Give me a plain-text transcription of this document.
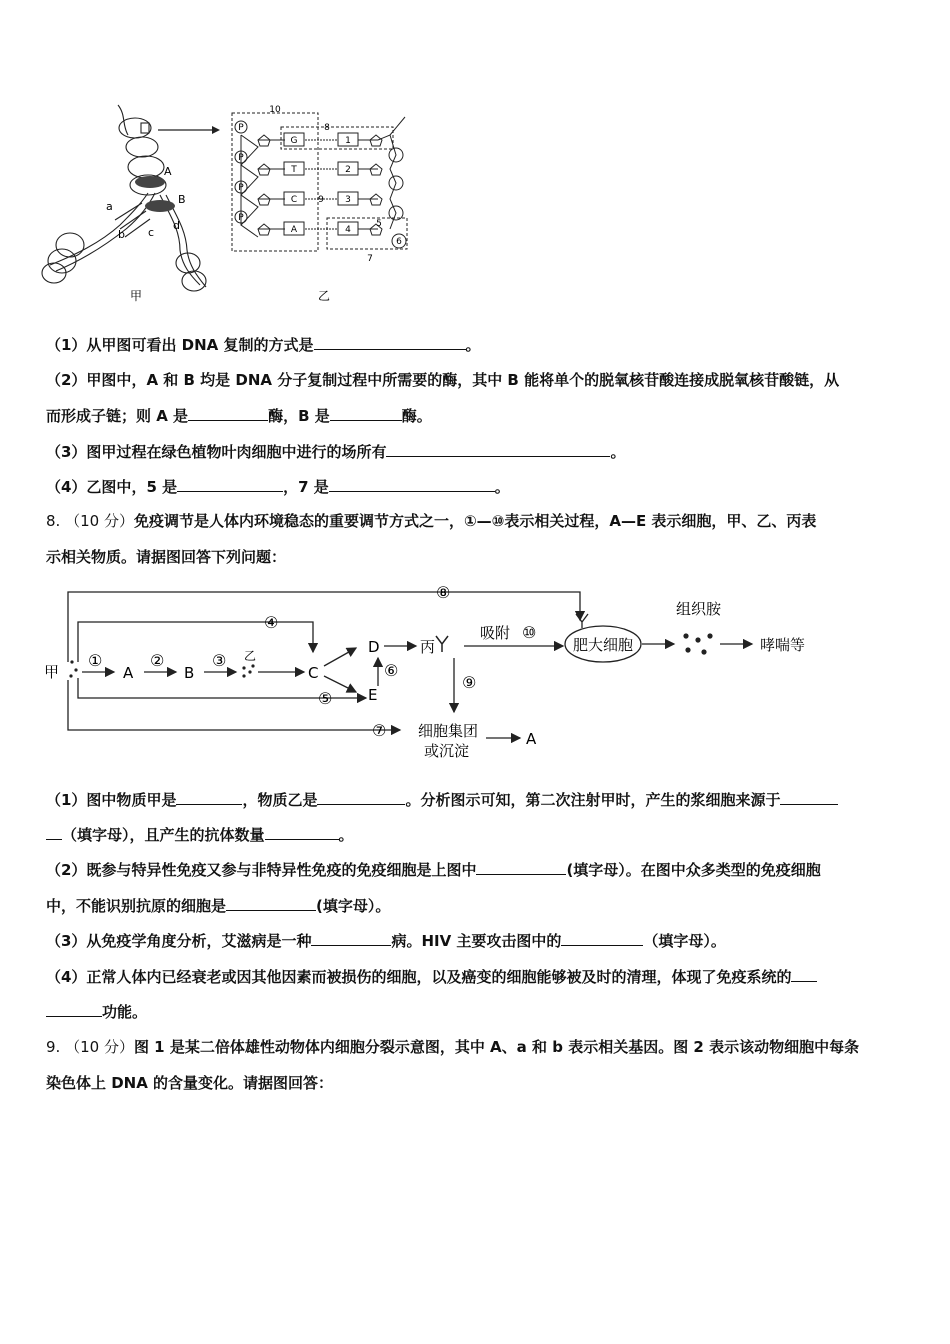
A
B
a
b c
d
甲
P
P
P
P
G
T
C
A
1
2
3
4
10
8
9
5
6
7
乙
（1）从甲图可看出 DNA 复制的方式是	。
（2）甲图中，A 和 B 均是 DNA 分子复制过程中所需要的酶，其中 B 能将单个的脱氧核苷酸连接成脱氧核苷酸链，从
而形成子链；则 A 是	酶，B 是	酶。
（3）图甲过程在绿色植物叶肉细胞中进行的场所有	。
（4）乙图中，5 是	，7 是	。
8. （10 分）免疫调节是人体内环境稳态的重要调节方式之一，①—⑩表示相关过程，A—E 表示细胞，甲、乙、丙表
示相关物质。请据图回答下列问题：
甲	A	B
乙
C
D
E
丙
吸附
肥大细胞
组织胺
哮喘等
细胞集团
或沉淀
A
①	②	③
④
⑤
⑥
⑦
⑧
⑨
⑩
（1）图中物质甲是	，物质乙是	。分析图示可知，第二次注射甲时，产生的浆细胞来源于
（填字母），且产生的抗体数量	。
（2）既参与特异性免疫又参与非特异性免疫的免疫细胞是上图中	(填字母）。在图中众多类型的免疫细胞
中，不能识别抗原的细胞是	(填字母）。
（3）从免疫学角度分析，艾滋病是一种	病。HIV 主要攻击图中的	（填字母）。
（4）正常人体内已经衰老或因其他因素而被损伤的细胞，以及癌变的细胞能够被及时的清理，体现了免疫系统的
功能。
9. （10 分）图 1 是某二倍体雄性动物体内细胞分裂示意图，其中 A、a 和 b 表示相关基因。图 2 表示该动物细胞中每条
染色体上 DNA 的含量变化。请据图回答：
